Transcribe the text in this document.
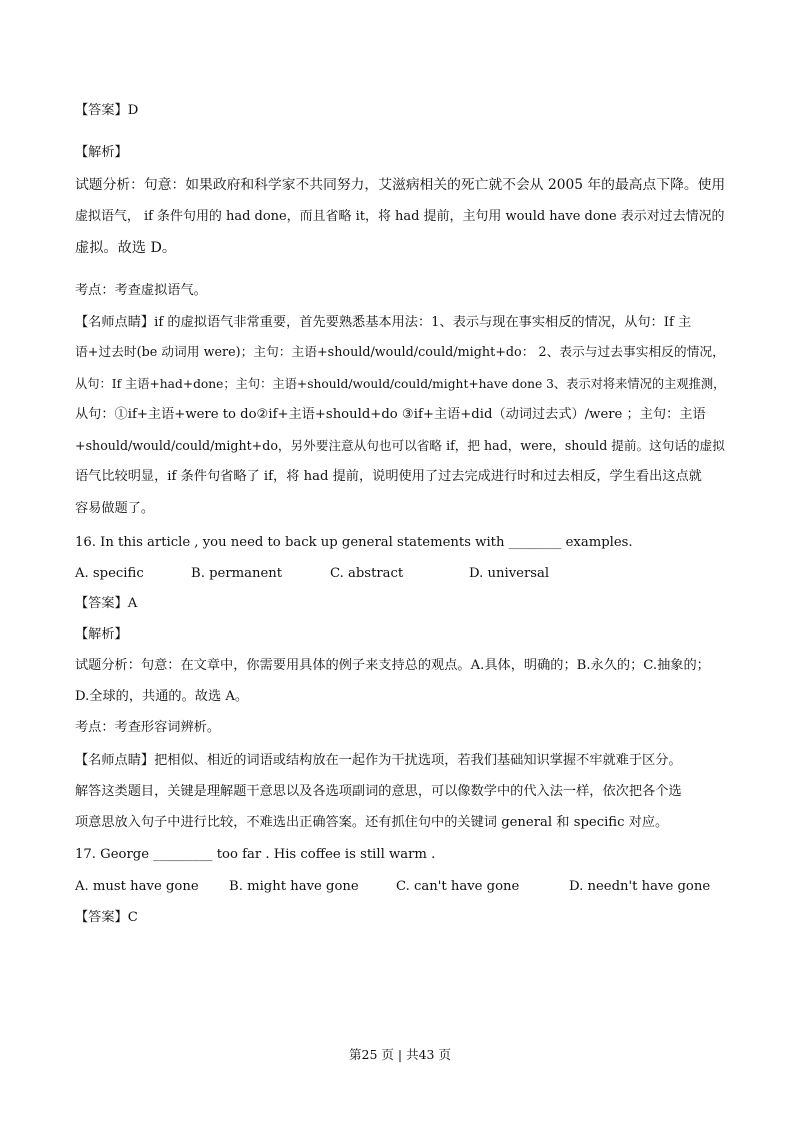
【答案】D
【解析】
试题分析：句意：如果政府和科学家不共同努力，艾滋病相关的死亡就不会从 2005 年的最高点下降。使用
虚拟语气， if 条件句用的 had done，而且省略 it，将 had 提前，主句用 would have done 表示对过去情况的
虚拟。故选 D。
考点：考查虚拟语气。
【名师点睛】if 的虚拟语气非常重要，首先要熟悉基本用法：1、表示与现在事实相反的情况，从句：If 主
语+过去时(be 动词用 were)；主句：主语+should/would/could/might+do： 2、表示与过去事实相反的情况，
从句：If 主语+had+done；主句：主语+should/would/could/might+have done 3、表示对将来情况的主观推测，
从句：①if+主语+were to do②if+主语+should+do ③if+主语+did（动词过去式）/were ；主句：主语
+should/would/could/might+do，另外要注意从句也可以省略 if，把 had，were，should 提前。这句话的虚拟
语气比较明显，if 条件句省略了 if，将 had 提前，说明使用了过去完成进行时和过去相反，学生看出这点就
容易做题了。
16. In this article , you need to back up general statements with ________ examples.
A. specific	B. permanent	C. abstract	D. universal
【答案】A
【解析】
试题分析：句意：在文章中，你需要用具体的例子来支持总的观点。A.具体，明确的；B.永久的；C.抽象的；
D.全球的，共通的。故选 A。
考点：考查形容词辨析。
【名师点睛】把相似、相近的词语或结构放在一起作为干扰选项，若我们基础知识掌握不牢就难于区分。
解答这类题目，关键是理解题干意思以及各选项副词的意思，可以像数学中的代入法一样，依次把各个选
项意思放入句子中进行比较，不难选出正确答案。还有抓住句中的关键词 general 和 specific 对应。
17. George _________ too far . His coffee is still warm .
A. must have gone B. might have gone	C. can't have gone	D. needn't have gone
【答案】C
第25 页 | 共43 页
